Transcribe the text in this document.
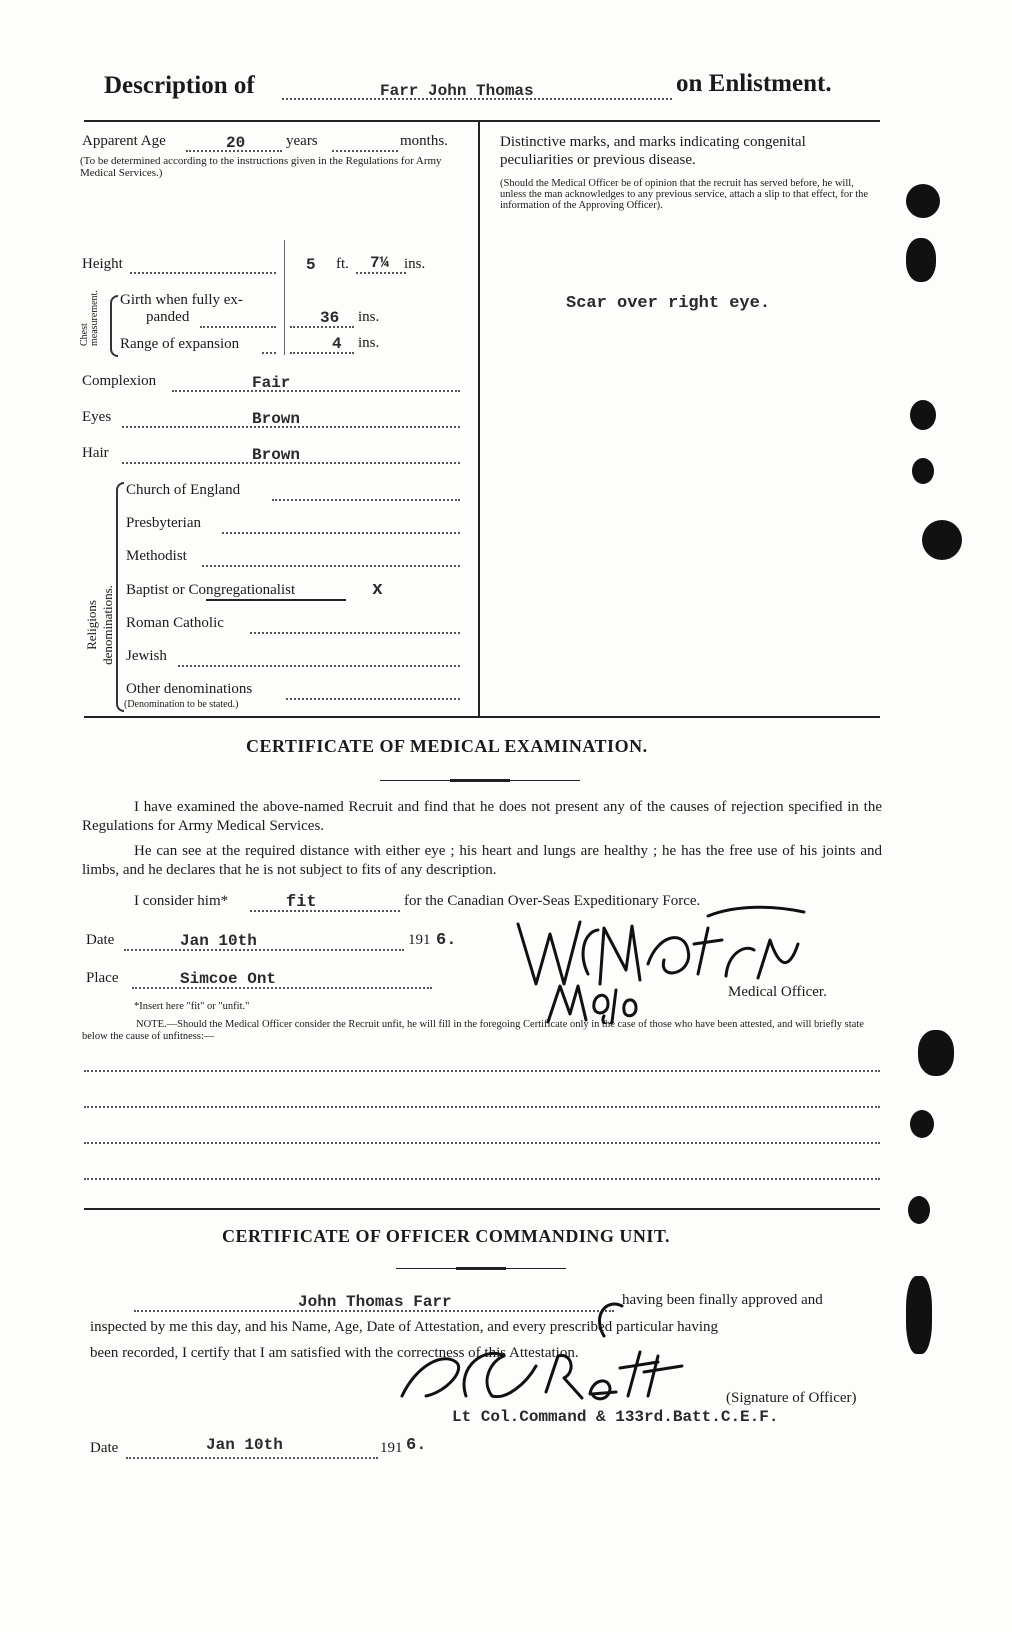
Description of	Farr John Thomas	on Enlistment.
Apparent Age	20	years	months.
(To be determined according to the instructions given in the Regulations for Army Medical Services.)
Height	5 ft. 7¼ ins.
Chest measurement. Girth when fully ex-
panded	36 ins.
Range of expansion	4 ins.
Complexion	Fair
Eyes	Brown
Hair	Brown
Religions denominations.
Church of England
Presbyterian
Methodist
Baptist or Congregationalist	x
Roman Catholic
Jewish
Other denominations
(Denomination to be stated.)
Distinctive marks, and marks indicating congenital peculiarities or previous disease.
(Should the Medical Officer be of opinion that the recruit has served before, he will, unless the man acknowledges to any previous service, attach a slip to that effect, for the information of the Approving Officer).
Scar over right eye.
CERTIFICATE OF MEDICAL EXAMINATION.
I have examined the above-named Recruit and find that he does not present any of the causes of rejection specified in the Regulations for Army Medical Services.
He can see at the required distance with either eye ; his heart and lungs are healthy ; he has the free use of his joints and limbs, and he declares that he is not subject to fits of any description.
I consider him*	fit	for the Canadian Over-Seas Expeditionary Force.
Date	Jan 10th	191 6.
Place	Simcoe Ont
*Insert here "fit" or "unfit."
Medical Officer.
NOTE.—Should the Medical Officer consider the Recruit unfit, he will fill in the foregoing Certificate only in the case of those who have been attested, and will briefly state below the cause of unfitness:—
CERTIFICATE OF OFFICER COMMANDING UNIT.
John Thomas Farr	having been finally approved and
inspected by me this day, and his Name, Age, Date of Attestation, and every prescribed particular having
been recorded, I certify that I am satisfied with the correctness of this Attestation.
(Signature of Officer)
Lt Col.Command & 133rd.Batt.C.E.F.
Date	Jan 10th	191 6.
